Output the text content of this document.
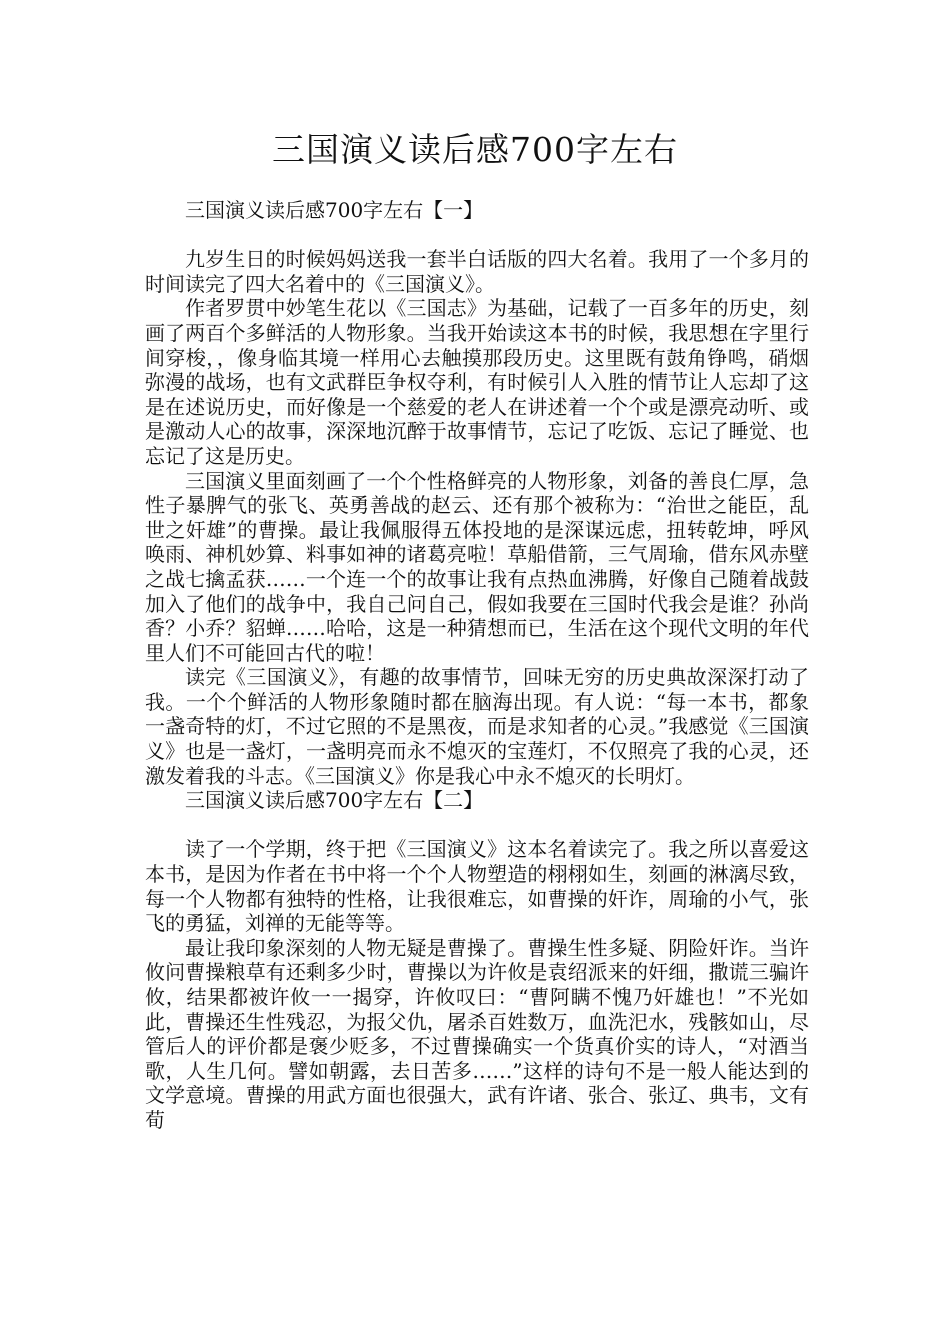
三国演义读后感700字左右

三国演义读后感700字左右【一】

九岁生日的时候妈妈送我一套半白话版的四大名着。我用了一个多月的时间读完了四大名着中的《三国演义》。

作者罗贯中妙笔生花以《三国志》为基础，记载了一百多年的历史，刻画了两百个多鲜活的人物形象。当我开始读这本书的时候，我思想在字里行间穿梭，，像身临其境一样用心去触摸那段历史。这里既有鼓角铮鸣，硝烟弥漫的战场，也有文武群臣争权夺利，有时候引人入胜的情节让人忘却了这是在述说历史，而好像是一个慈爱的老人在讲述着一个个或是漂亮动听、或是激动人心的故事，深深地沉醉于故事情节，忘记了吃饭、忘记了睡觉、也忘记了这是历史。

三国演义里面刻画了一个个性格鲜亮的人物形象，刘备的善良仁厚，急性子暴脾气的张飞、英勇善战的赵云、还有那个被称为：“治世之能臣，乱世之奸雄”的曹操。最让我佩服得五体投地的是深谋远虑，扭转乾坤，呼风唤雨、神机妙算、料事如神的诸葛亮啦！草船借箭，三气周瑜，借东风赤壁之战七擒孟获……一个连一个的故事让我有点热血沸腾，好像自己随着战鼓加入了他们的战争中，我自己问自己，假如我要在三国时代我会是谁？孙尚香？小乔？貂蝉……哈哈，这是一种猜想而已，生活在这个现代文明的年代里人们不可能回古代的啦！

读完《三国演义》，有趣的故事情节，回味无穷的历史典故深深打动了我。一个个鲜活的人物形象随时都在脑海出现。有人说：“每一本书，都象一盏奇特的灯，不过它照的不是黑夜，而是求知者的心灵。”我感觉《三国演义》也是一盏灯，一盏明亮而永不熄灭的宝莲灯，不仅照亮了我的心灵，还激发着我的斗志。《三国演义》你是我心中永不熄灭的长明灯。

三国演义读后感700字左右【二】

读了一个学期，终于把《三国演义》这本名着读完了。我之所以喜爱这本书，是因为作者在书中将一个个人物塑造的栩栩如生，刻画的淋漓尽致，每一个人物都有独特的性格，让我很难忘，如曹操的奸诈，周瑜的小气，张飞的勇猛，刘禅的无能等等。

最让我印象深刻的人物无疑是曹操了。曹操生性多疑、阴险奸诈。当许攸问曹操粮草有还剩多少时，曹操以为许攸是袁绍派来的奸细，撒谎三骗许攸，结果都被许攸一一揭穿，许攸叹曰：“曹阿瞒不愧乃奸雄也！”不光如此，曹操还生性残忍，为报父仇，屠杀百姓数万，血洗汜水，残骸如山，尽管后人的评价都是褒少贬多，不过曹操确实一个货真价实的诗人，“对酒当歌，人生几何。譬如朝露，去日苦多……”这样的诗句不是一般人能达到的文学意境。曹操的用武方面也很强大，武有许诸、张合、张辽、典韦，文有荀
